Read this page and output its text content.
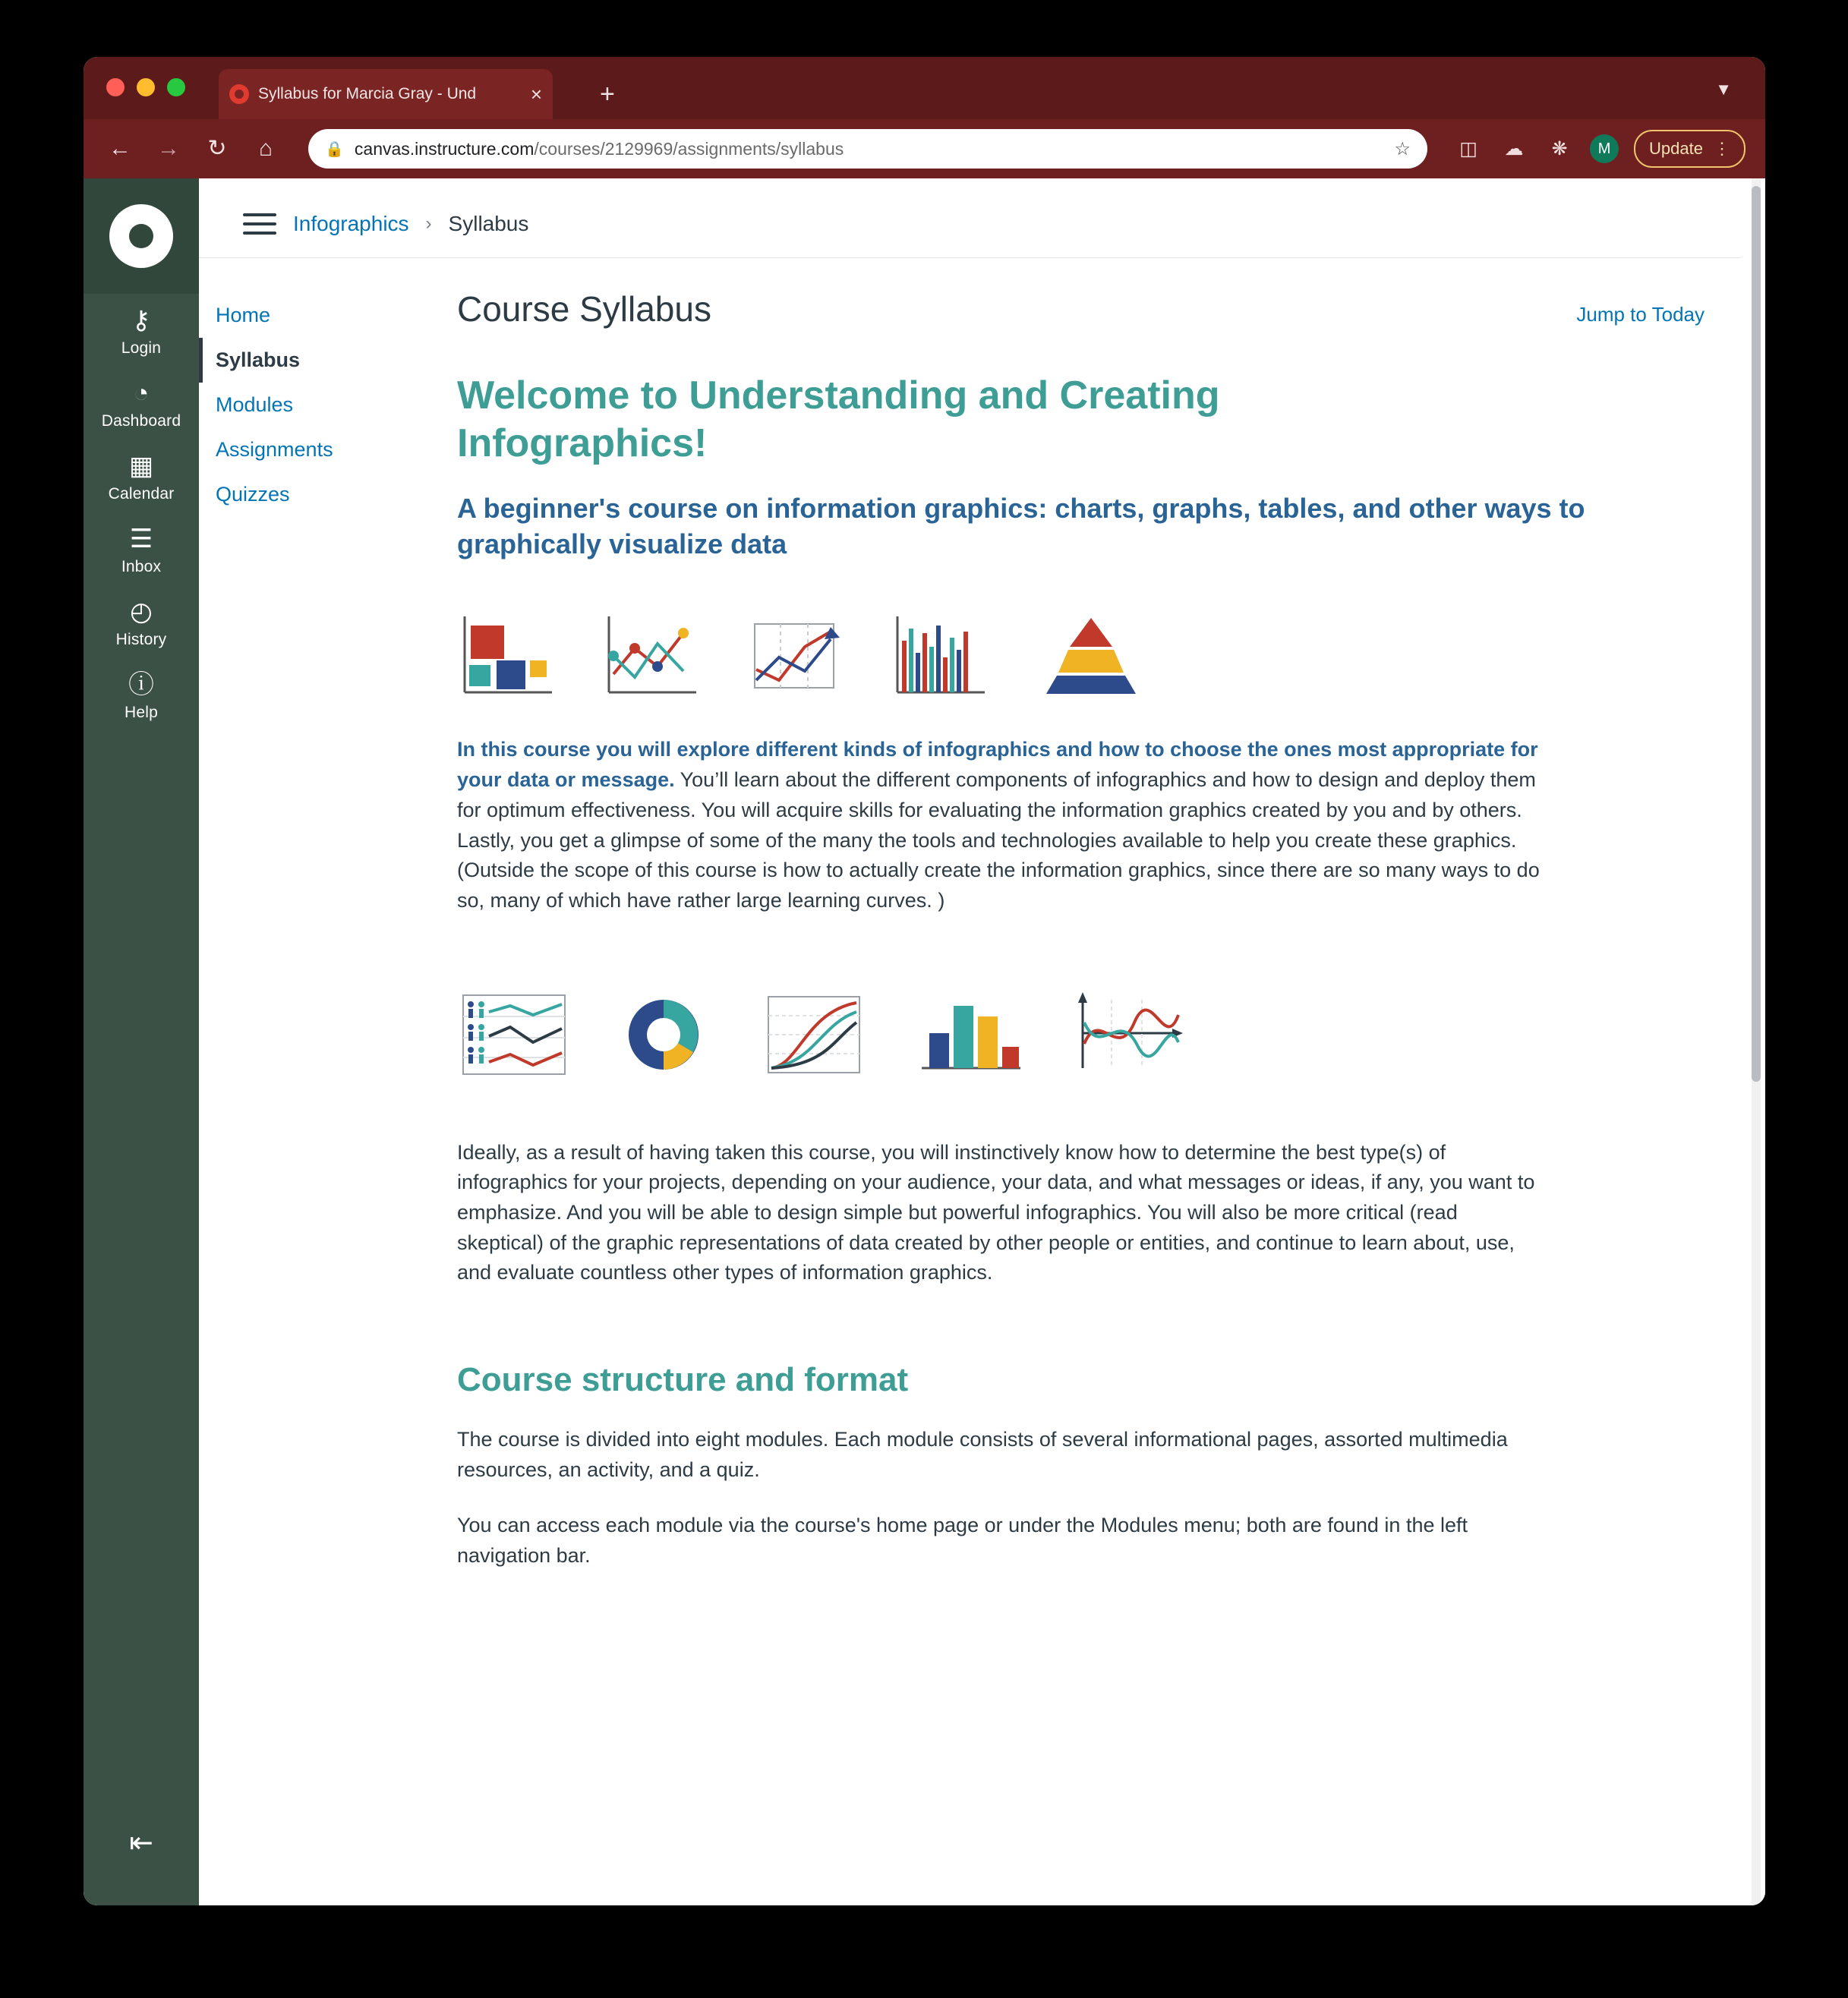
Syllabus for Marcia Gray - Und	× +	▼
← →	↻	⌂	🔒 canvas.instructure.com/courses/2129969/assignments/syllabus	☆	◫	☁	❋	M	Update ⋮
⚷
Login
◔
Dashboard
▦
Calendar
☰
Inbox
◴
History
ⓘ
Help
⇤
Infographics › Syllabus
Home
Syllabus
Modules
Assignments
Quizzes
Course Syllabus	Jump to Today
Welcome to Understanding and Creating Infographics!
A beginner's course on information graphics: charts, graphs, tables, and other ways to graphically visualize data

In this course you will explore different kinds of infographics and how to choose the ones most appropriate for your data or message. You’ll learn about the different components of infographics and how to design and deploy them for optimum effectiveness. You will acquire skills for evaluating the information graphics created by you and by others. Lastly, you get a glimpse of some of the many the tools and technologies available to help you create these graphics. (Outside the scope of this course is how to actually create the information graphics, since there are so many ways to do so, many of which have rather large learning curves. )

Ideally, as a result of having taken this course, you will instinctively know how to determine the best type(s) of infographics for your projects, depending on your audience, your data, and what messages or ideas, if any, you want to emphasize. And you will be able to design simple but powerful infographics. You will also be more critical (read skeptical) of the graphic representations of data created by other people or entities, and continue to learn about, use, and evaluate countless other types of information graphics.

Course structure and format

The course is divided into eight modules. Each module consists of several informational pages, assorted multimedia resources, an activity, and a quiz.

You can access each module via the course's home page or under the Modules menu; both are found in the left navigation bar.
